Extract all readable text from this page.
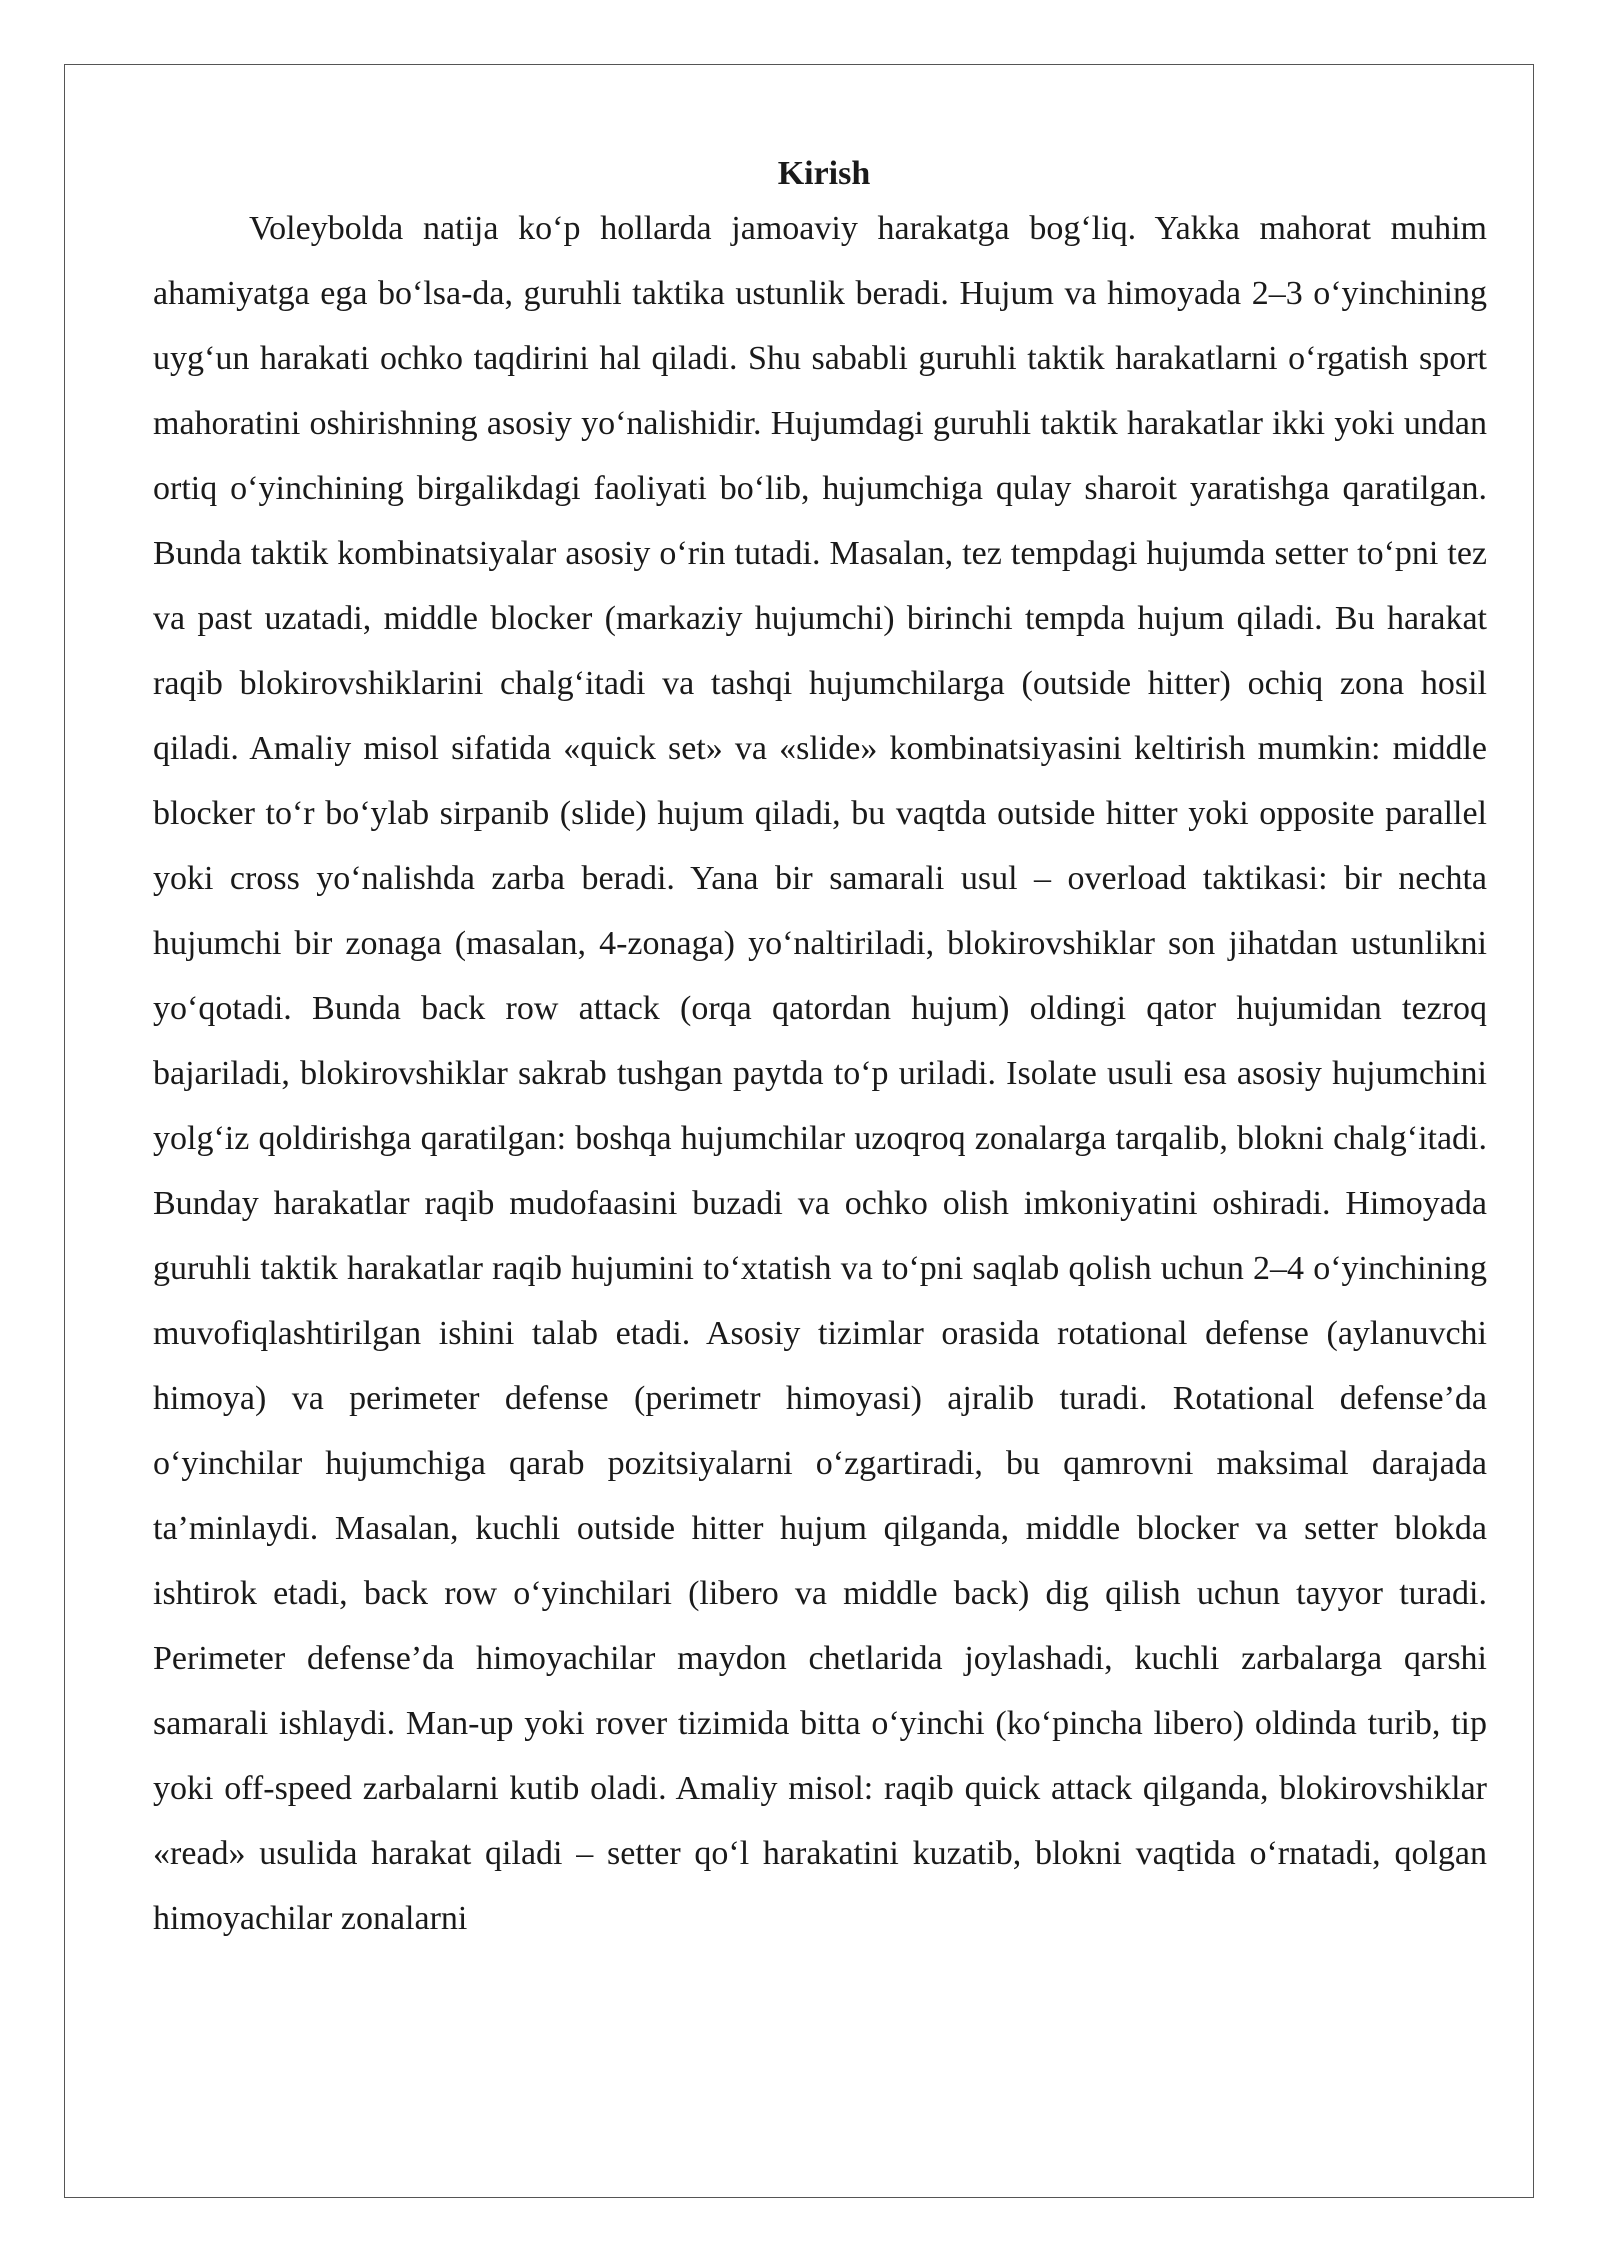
Kirish

Voleybolda natija ko‘p hollarda jamoaviy harakatga bog‘liq. Yakka mahorat muhim ahamiyatga ega bo‘lsa-da, guruhli taktika ustunlik beradi. Hujum va himoyada 2–3 o‘yinchining uyg‘un harakati ochko taqdirini hal qiladi. Shu sababli guruhli taktik harakatlarni o‘rgatish sport mahoratini oshirishning asosiy yo‘nalishidir. Hujumdagi guruhli taktik harakatlar ikki yoki undan ortiq o‘yinchining birgalikdagi faoliyati bo‘lib, hujumchiga qulay sharoit yaratishga qaratilgan. Bunda taktik kombinatsiyalar asosiy o‘rin tutadi. Masalan, tez tempdagi hujumda setter to‘pni tez va past uzatadi, middle blocker (markaziy hujumchi) birinchi tempda hujum qiladi. Bu harakat raqib blokirovshiklarini chalg‘itadi va tashqi hujumchilarga (outside hitter) ochiq zona hosil qiladi. Amaliy misol sifatida «quick set» va «slide» kombinatsiyasini keltirish mumkin: middle blocker to‘r bo‘ylab sirpanib (slide) hujum qiladi, bu vaqtda outside hitter yoki opposite parallel yoki cross yo‘nalishda zarba beradi. Yana bir samarali usul – overload taktikasi: bir nechta hujumchi bir zonaga (masalan, 4-zonaga) yo‘naltiriladi, blokirovshiklar son jihatdan ustunlikni yo‘qotadi. Bunda back row attack (orqa qatordan hujum) oldingi qator hujumidan tezroq bajariladi, blokirovshiklar sakrab tushgan paytda to‘p uriladi. Isolate usuli esa asosiy hujumchini yolg‘iz qoldirishga qaratilgan: boshqa hujumchilar uzoqroq zonalarga tarqalib, blokni chalg‘itadi. Bunday harakatlar raqib mudofaasini buzadi va ochko olish imkoniyatini oshiradi. Himoyada guruhli taktik harakatlar raqib hujumini to‘xtatish va to‘pni saqlab qolish uchun 2–4 o‘yinchining muvofiqlashtirilgan ishini talab etadi. Asosiy tizimlar orasida rotational defense (aylanuvchi himoya) va perimeter defense (perimetr himoyasi) ajralib turadi. Rotational defense’da o‘yinchilar hujumchiga qarab pozitsiyalarni o‘zgartiradi, bu qamrovni maksimal darajada ta’minlaydi. Masalan, kuchli outside hitter hujum qilganda, middle blocker va setter blokda ishtirok etadi, back row o‘yinchilari (libero va middle back) dig qilish uchun tayyor turadi. Perimeter defense’da himoyachilar maydon chetlarida joylashadi, kuchli zarbalarga qarshi samarali ishlaydi. Man-up yoki rover tizimida bitta o‘yinchi (ko‘pincha libero) oldinda turib, tip yoki off-speed zarbalarni kutib oladi. Amaliy misol: raqib quick attack qilganda, blokirovshiklar «read» usulida harakat qiladi – setter qo‘l harakatini kuzatib, blokni vaqtida o‘rnatadi, qolgan himoyachilar zonalarni
